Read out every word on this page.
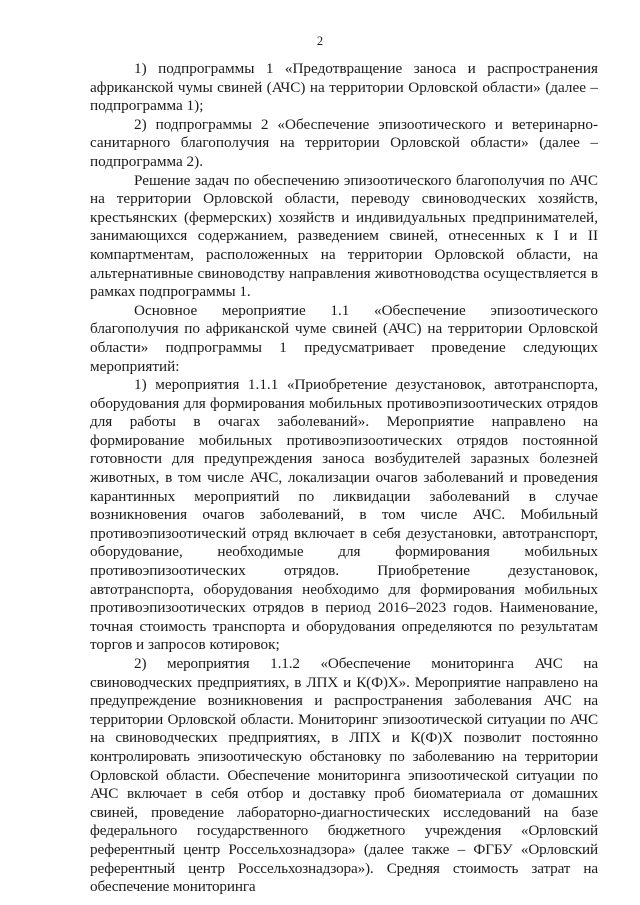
2

1) подпрограммы 1 «Предотвращение заноса и распространения африканской чумы свиней (АЧС) на территории Орловской области» (далее – подпрограмма 1);

2) подпрограммы 2 «Обеспечение эпизоотического и ветеринарно-санитарного благополучия на территории Орловской области» (далее – подпрограмма 2).

Решение задач по обеспечению эпизоотического благополучия по АЧС на территории Орловской области, переводу свиноводческих хозяйств, крестьянских (фермерских) хозяйств и индивидуальных предпринимателей, занимающихся содержанием, разведением свиней, отнесенных к I и II компартментам, расположенных на территории Орловской области, на альтернативные свиноводству направления животноводства осуществляется в рамках подпрограммы 1.

Основное мероприятие 1.1 «Обеспечение эпизоотического благополучия по африканской чуме свиней (АЧС) на территории Орловской области» подпрограммы 1 предусматривает проведение следующих мероприятий:

1) мероприятия 1.1.1 «Приобретение дезустановок, автотранспорта, оборудования для формирования мобильных противоэпизоотических отрядов для работы в очагах заболеваний». Мероприятие направлено на формирование мобильных противоэпизоотических отрядов постоянной готовности для предупреждения заноса возбудителей заразных болезней животных, в том числе АЧС, локализации очагов заболеваний и проведения карантинных мероприятий по ликвидации заболеваний в случае возникновения очагов заболеваний, в том числе АЧС. Мобильный противоэпизоотический отряд включает в себя дезустановки, автотранспорт, оборудование, необходимые для формирования мобильных противоэпизоотических отрядов. Приобретение дезустановок, автотранспорта, оборудования необходимо для формирования мобильных противоэпизоотических отрядов в период 2016–2023 годов. Наименование, точная стоимость транспорта и оборудования определяются по результатам торгов и запросов котировок;

2) мероприятия 1.1.2 «Обеспечение мониторинга АЧС на свиноводческих предприятиях, в ЛПХ и К(Ф)Х». Мероприятие направлено на предупреждение возникновения и распространения заболевания АЧС на территории Орловской области. Мониторинг эпизоотической ситуации по АЧС на свиноводческих предприятиях, в ЛПХ и К(Ф)Х позволит постоянно контролировать эпизоотическую обстановку по заболеванию на территории Орловской области. Обеспечение мониторинга эпизоотической ситуации по АЧС включает в себя отбор и доставку проб биоматериала от домашних свиней, проведение лабораторно-диагностических исследований на базе федерального государственного бюджетного учреждения «Орловский референтный центр Россельхознадзора» (далее также – ФГБУ «Орловский референтный центр Россельхознадзора»). Средняя стоимость затрат на обеспечение мониторинга
